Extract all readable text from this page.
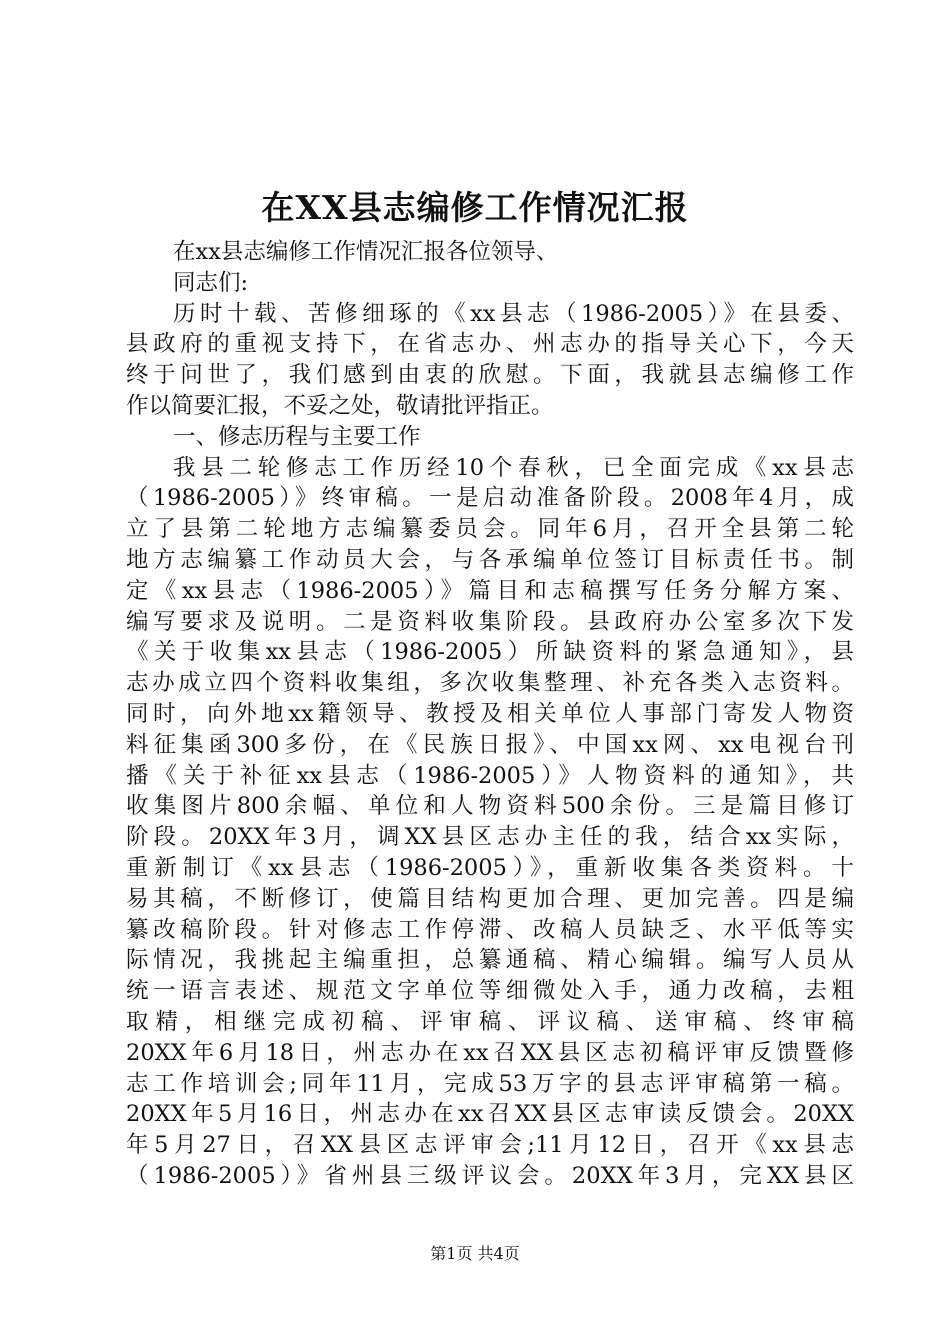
在XX县志编修工作情况汇报
在xx县志编修工作情况汇报各位领导、
同志们:
历时十载、苦修细琢的《xx县志（1986-2005）》在县委、
县政府的重视支持下，在省志办、州志办的指导关心下，今天
终于问世了，我们感到由衷的欣慰。下面，我就县志编修工作
作以简要汇报，不妥之处，敬请批评指正。
一、修志历程与主要工作
我县二轮修志工作历经10个春秋，已全面完成《xx县志
（1986-2005）》终审稿。一是启动准备阶段。2008年4月，成
立了县第二轮地方志编纂委员会。同年6月，召开全县第二轮
地方志编纂工作动员大会，与各承编单位签订目标责任书。制
定《xx县志（1986-2005）》篇目和志稿撰写任务分解方案、
编写要求及说明。二是资料收集阶段。县政府办公室多次下发
《关于收集xx县志（1986-2005）所缺资料的紧急通知》，县
志办成立四个资料收集组，多次收集整理、补充各类入志资料。
同时，向外地xx籍领导、教授及相关单位人事部门寄发人物资
料征集函300多份，在《民族日报》、中国xx网、xx电视台刊
播《关于补征xx县志（1986-2005）》人物资料的通知》，共
收集图片800余幅、单位和人物资料500余份。三是篇目修订
阶段。20XX年3月，调XX县区志办主任的我，结合xx实际，
重新制订《xx县志（1986-2005）》，重新收集各类资料。十
易其稿，不断修订，使篇目结构更加合理、更加完善。四是编
纂改稿阶段。针对修志工作停滞、改稿人员缺乏、水平低等实
际情况，我挑起主编重担，总纂通稿、精心编辑。编写人员从
统一语言表述、规范文字单位等细微处入手，通力改稿，去粗
取精，相继完成初稿、评审稿、评议稿、送审稿、终审稿
20XX年6月18日，州志办在xx召XX县区志初稿评审反馈暨修
志工作培训会;同年11月，完成53万字的县志评审稿第一稿。
20XX年5月16日，州志办在xx召XX县区志审读反馈会。20XX
年5月27日，召XX县区志评审会;11月12日，召开《xx县志
（1986-2005）》省州县三级评议会。20XX年3月，完XX县区
第1页 共4页
